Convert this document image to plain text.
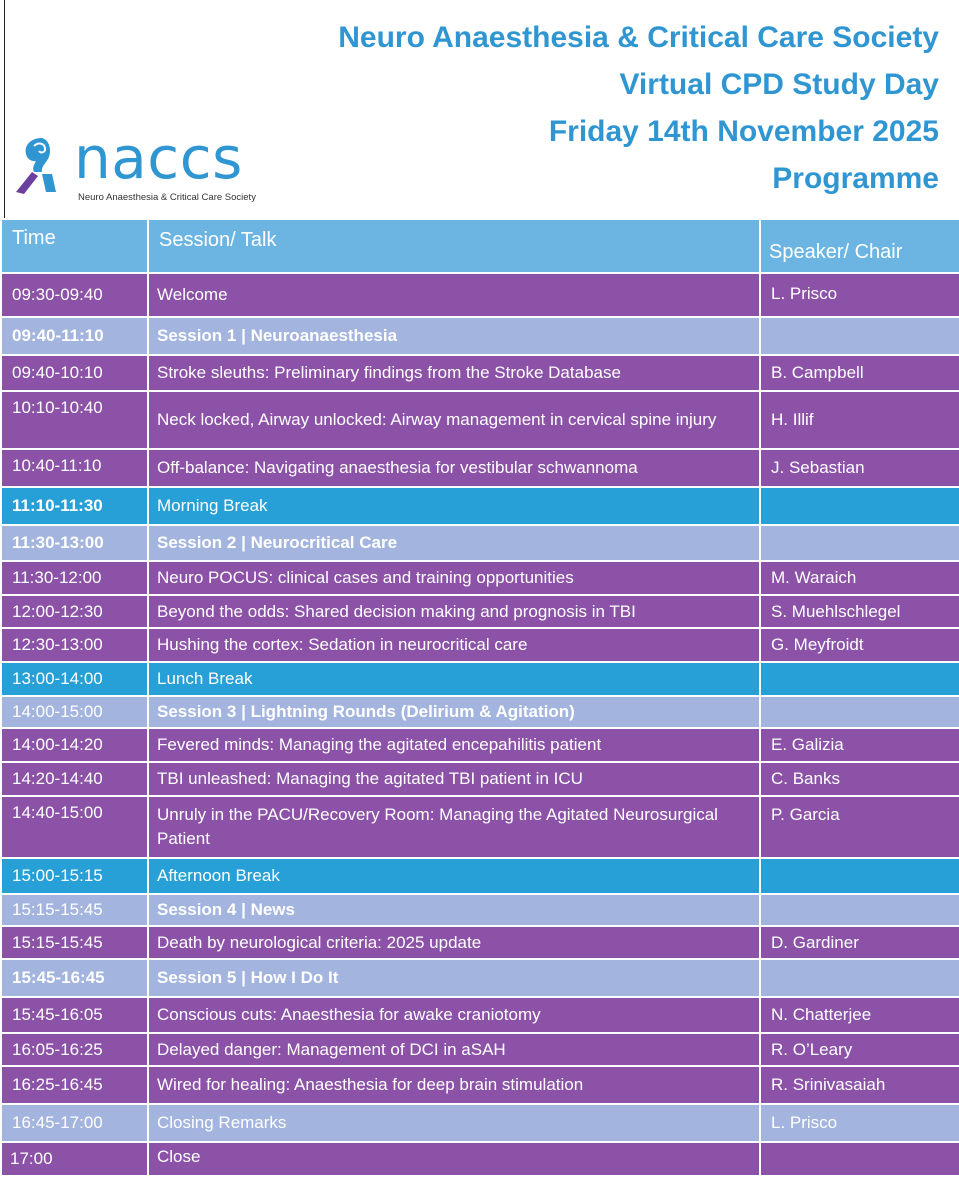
Neuro Anaesthesia & Critical Care Society
Virtual CPD Study Day
Friday 14th November 2025
Programme
naccs
Neuro Anaesthesia & Critical Care Society
Time	Session/ Talk	Speaker/ Chair
09:30-09:40	Welcome	L. Prisco
09:40-11:10	Session 1 | Neuroanaesthesia	
09:40-10:10	Stroke sleuths: Preliminary findings from the Stroke Database	B. Campbell
10:10-10:40	Neck locked, Airway unlocked: Airway management in cervical spine injury	H. Illif
10:40-11:10	Off-balance: Navigating anaesthesia for vestibular schwannoma	J. Sebastian
11:10-11:30	Morning Break	
11:30-13:00	Session 2 | Neurocritical Care	
11:30-12:00	Neuro POCUS: clinical cases and training opportunities	M. Waraich
12:00-12:30	Beyond the odds: Shared decision making and prognosis in TBI	S. Muehlschlegel
12:30-13:00	Hushing the cortex: Sedation in neurocritical care	G. Meyfroidt
13:00-14:00	Lunch Break	
14:00-15:00	Session 3 | Lightning Rounds (Delirium & Agitation)	
14:00-14:20	Fevered minds: Managing the agitated encepahilitis patient	E. Galizia
14:20-14:40	TBI unleashed: Managing the agitated TBI patient in ICU	C. Banks
14:40-15:00	Unruly in the PACU/Recovery Room: Managing the Agitated Neurosurgical Patient	P. Garcia
15:00-15:15	Afternoon Break	
15:15-15:45	Session 4 | News	
15:15-15:45	Death by neurological criteria: 2025 update	D. Gardiner
15:45-16:45	Session 5 | How I Do It	
15:45-16:05	Conscious cuts: Anaesthesia for awake craniotomy	N. Chatterjee
16:05-16:25	Delayed danger: Management of DCI in aSAH	R. O’Leary
16:25-16:45	Wired for healing: Anaesthesia for deep brain stimulation	R. Srinivasaiah
16:45-17:00	Closing Remarks	L. Prisco
17:00	Close	
